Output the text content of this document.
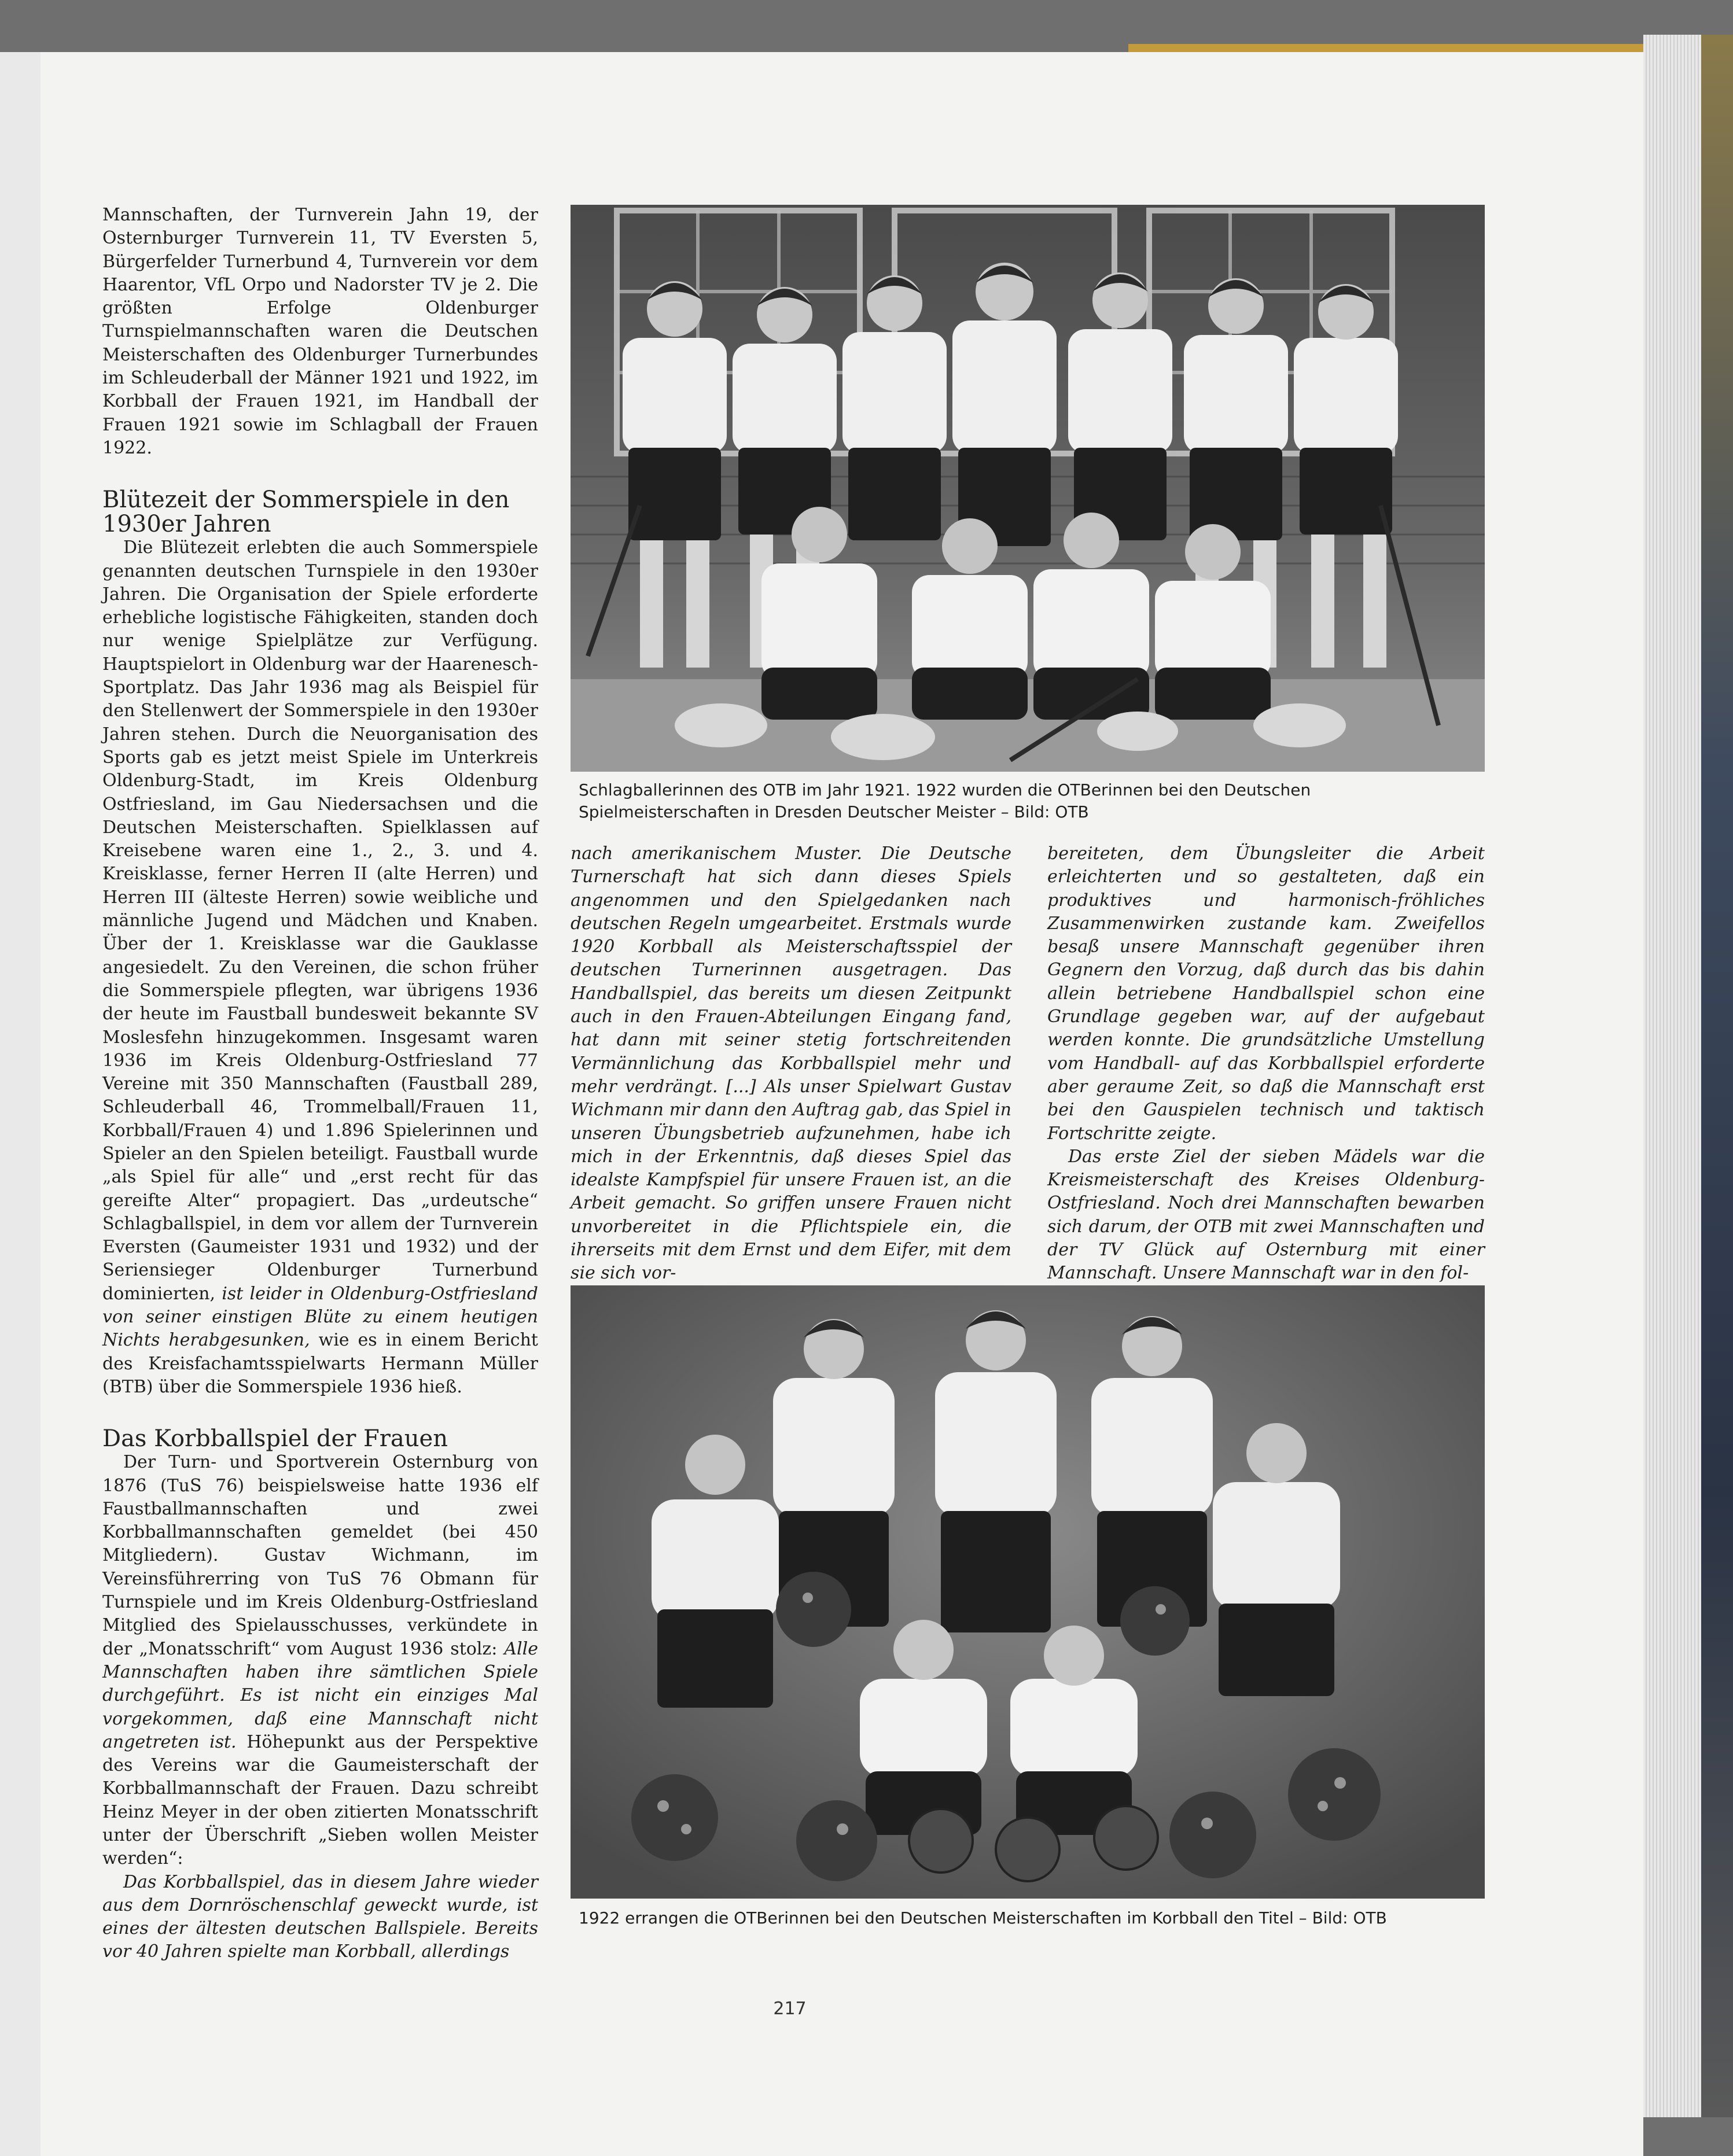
Mannschaften, der Turnverein Jahn 19, der Osternburger Turnverein 11, TV Eversten 5, Bürgerfelder Turnerbund 4, Turnverein vor dem Haarentor, VfL Orpo und Nadorster TV je 2. Die größten Erfolge Oldenburger Turnspielmannschaften waren die Deutschen Meisterschaften des Oldenburger Turnerbundes im Schleuderball der Männer 1921 und 1922, im Korbball der Frauen 1921, im Handball der Frauen 1921 sowie im Schlagball der Frauen 1922.

Blütezeit der Sommerspiele in den 1930er Jahren

Die Blütezeit erlebten die auch Sommerspiele genannten deutschen Turnspiele in den 1930er Jahren. Die Organisation der Spiele erforderte erhebliche logistische Fähigkeiten, standen doch nur wenige Spielplätze zur Verfügung. Hauptspielort in Oldenburg war der Haarenesch-Sportplatz. Das Jahr 1936 mag als Beispiel für den Stellenwert der Sommerspiele in den 1930er Jahren stehen. Durch die Neuorganisation des Sports gab es jetzt meist Spiele im Unterkreis Oldenburg-Stadt, im Kreis Oldenburg Ostfriesland, im Gau Niedersachsen und die Deutschen Meisterschaften. Spielklassen auf Kreisebene waren eine 1., 2., 3. und 4. Kreisklasse, ferner Herren II (alte Herren) und Herren III (älteste Herren) sowie weibliche und männliche Jugend und Mädchen und Knaben. Über der 1. Kreisklasse war die Gauklasse angesiedelt. Zu den Vereinen, die schon früher die Sommerspiele pflegten, war übrigens 1936 der heute im Faustball bundesweit bekannte SV Moslesfehn hinzugekommen. Insgesamt waren 1936 im Kreis Oldenburg-Ostfriesland 77 Vereine mit 350 Mannschaften (Faustball 289, Schleuderball 46, Trommelball/Frauen 11, Korbball/Frauen 4) und 1.896 Spielerinnen und Spieler an den Spielen beteiligt. Faustball wurde „als Spiel für alle“ und „erst recht für das gereifte Alter“ propagiert. Das „urdeutsche“ Schlagballspiel, in dem vor allem der Turnverein Eversten (Gaumeister 1931 und 1932) und der Seriensieger Oldenburger Turnerbund dominierten, ist leider in Oldenburg-Ostfriesland von seiner einstigen Blüte zu einem heutigen Nichts herabgesunken, wie es in einem Bericht des Kreisfachamtsspielwarts Hermann Müller (BTB) über die Sommerspiele 1936 hieß.

Das Korbballspiel der Frauen

Der Turn- und Sportverein Osternburg von 1876 (TuS 76) beispielsweise hatte 1936 elf Faustballmannschaften und zwei Korbballmannschaften gemeldet (bei 450 Mitgliedern). Gustav Wichmann, im Vereinsführerring von TuS 76 Obmann für Turnspiele und im Kreis Oldenburg-Ostfriesland Mitglied des Spielausschusses, verkündete in der „Monatsschrift“ vom August 1936 stolz: Alle Mannschaften haben ihre sämtlichen Spiele durchgeführt. Es ist nicht ein einziges Mal vorgekommen, daß eine Mannschaft nicht angetreten ist. Höhepunkt aus der Perspektive des Vereins war die Gaumeisterschaft der Korbballmannschaft der Frauen. Dazu schreibt Heinz Meyer in der oben zitierten Monatsschrift unter der Überschrift „Sieben wollen Meister werden“:

Das Korbballspiel, das in diesem Jahre wieder aus dem Dornröschenschlaf geweckt wurde, ist eines der ältesten deutschen Ballspiele. Bereits vor 40 Jahren spielte man Korbball, allerdings

Schlagballerinnen des OTB im Jahr 1921. 1922 wurden die OTBerinnen bei den Deutschen Spielmeisterschaften in Dresden Deutscher Meister – Bild: OTB

nach amerikanischem Muster. Die Deutsche Turnerschaft hat sich dann dieses Spiels angenommen und den Spielgedanken nach deutschen Regeln umgearbeitet. Erstmals wurde 1920 Korbball als Meisterschaftsspiel der deutschen Turnerinnen ausgetragen. Das Handballspiel, das bereits um diesen Zeitpunkt auch in den Frauen-Abteilungen Eingang fand, hat dann mit seiner stetig fortschreitenden Vermännlichung das Korbballspiel mehr und mehr verdrängt. [...] Als unser Spielwart Gustav Wichmann mir dann den Auftrag gab, das Spiel in unseren Übungsbetrieb aufzunehmen, habe ich mich in der Erkenntnis, daß dieses Spiel das idealste Kampfspiel für unsere Frauen ist, an die Arbeit gemacht. So griffen unsere Frauen nicht unvorbereitet in die Pflichtspiele ein, die ihrerseits mit dem Ernst und dem Eifer, mit dem sie sich vor-

bereiteten, dem Übungsleiter die Arbeit erleichterten und so gestalteten, daß ein produktives und harmonisch-fröhliches Zusammenwirken zustande kam. Zweifellos besaß unsere Mannschaft gegenüber ihren Gegnern den Vorzug, daß durch das bis dahin allein betriebene Handballspiel schon eine Grundlage gegeben war, auf der aufgebaut werden konnte. Die grundsätzliche Umstellung vom Handball- auf das Korbballspiel erforderte aber geraume Zeit, so daß die Mannschaft erst bei den Gauspielen technisch und taktisch Fortschritte zeigte.

Das erste Ziel der sieben Mädels war die Kreismeisterschaft des Kreises Oldenburg-Ostfriesland. Noch drei Mannschaften bewarben sich darum, der OTB mit zwei Mannschaften und der TV Glück auf Osternburg mit einer Mannschaft. Unsere Mannschaft war in den fol-

1922 errangen die OTBerinnen bei den Deutschen Meisterschaften im Korbball den Titel – Bild: OTB
217
